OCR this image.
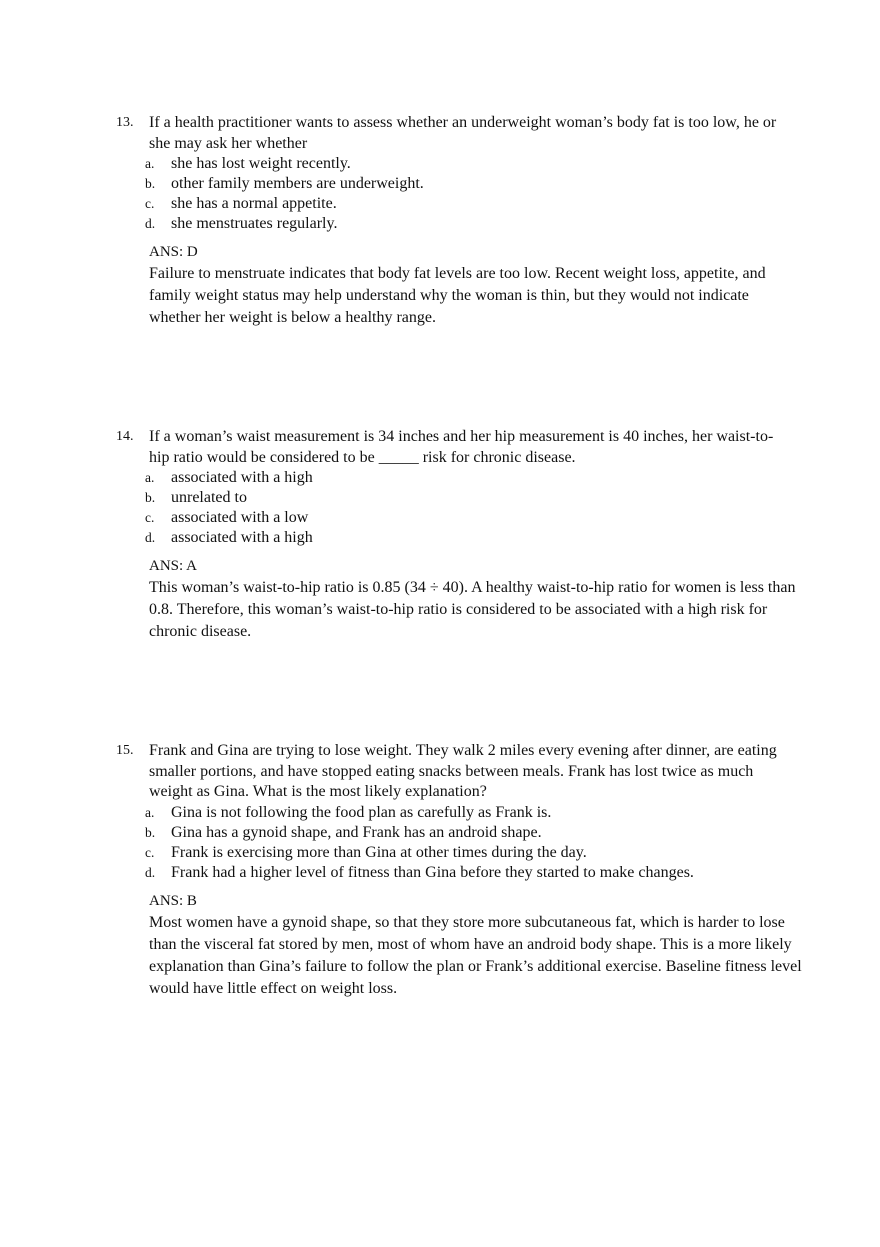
13. If a health practitioner wants to assess whether an underweight woman’s body fat is too low, he or she may ask her whether
a. she has lost weight recently.
b. other family members are underweight.
c. she has a normal appetite.
d. she menstruates regularly.
ANS: D
Failure to menstruate indicates that body fat levels are too low. Recent weight loss, appetite, and family weight status may help understand why the woman is thin, but they would not indicate whether her weight is below a healthy range.
14. If a woman’s waist measurement is 34 inches and her hip measurement is 40 inches, her waist-to-hip ratio would be considered to be _____ risk for chronic disease.
a. associated with a high
b. unrelated to
c. associated with a low
d. associated with a high
ANS: A
This woman’s waist-to-hip ratio is 0.85 (34 ÷ 40). A healthy waist-to-hip ratio for women is less than 0.8. Therefore, this woman’s waist-to-hip ratio is considered to be associated with a high risk for chronic disease.
15. Frank and Gina are trying to lose weight. They walk 2 miles every evening after dinner, are eating smaller portions, and have stopped eating snacks between meals. Frank has lost twice as much weight as Gina. What is the most likely explanation?
a. Gina is not following the food plan as carefully as Frank is.
b. Gina has a gynoid shape, and Frank has an android shape.
c. Frank is exercising more than Gina at other times during the day.
d. Frank had a higher level of fitness than Gina before they started to make changes.
ANS: B
Most women have a gynoid shape, so that they store more subcutaneous fat, which is harder to lose than the visceral fat stored by men, most of whom have an android body shape. This is a more likely explanation than Gina’s failure to follow the plan or Frank’s additional exercise. Baseline fitness level would have little effect on weight loss.
